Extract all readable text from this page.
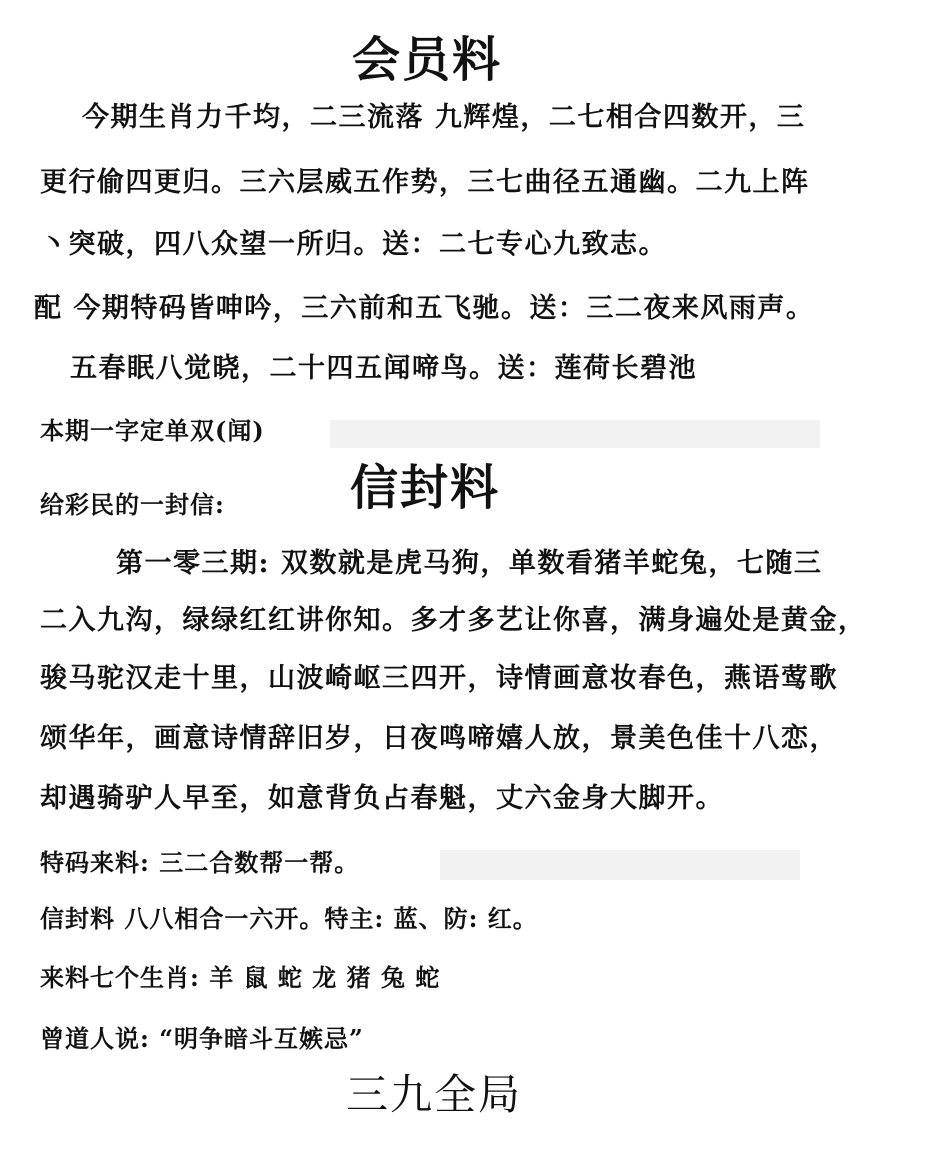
会员料
今期生肖力千均，二三流落 九辉煌，二七相合四数开，三
更行偷四更归。三六层威五作势，三七曲径五通幽。二九上阵
丶突破，四八众望一所归。送：二七专心九致志。
配 今期特码皆呻吟，三六前和五飞驰。送：三二夜来风雨声。
五春眠八觉晓，二十四五闻啼鸟。送：莲荷长碧池
本期一字定单双(闻)
给彩民的一封信:	信封料
第一零三期: 双数就是虎马狗，单数看猪羊蛇兔，七随三
二入九沟，绿绿红红讲你知。多才多艺让你喜，满身遍处是黄金，
骏马驼汉走十里，山波崎岖三四开，诗情画意妆春色，燕语莺歌
颂华年，画意诗情辞旧岁，日夜鸣啼嬉人放，景美色佳十八恋，
却遇骑驴人早至，如意背负占春魁，丈六金身大脚开。
特码来料: 三二合数帮一帮。
信封料 八八相合一六开。特主: 蓝、防: 红。
来料七个生肖: 羊 鼠 蛇 龙 猪 兔 蛇
曾道人说: “明争暗斗互嫉忌”
三九全局
